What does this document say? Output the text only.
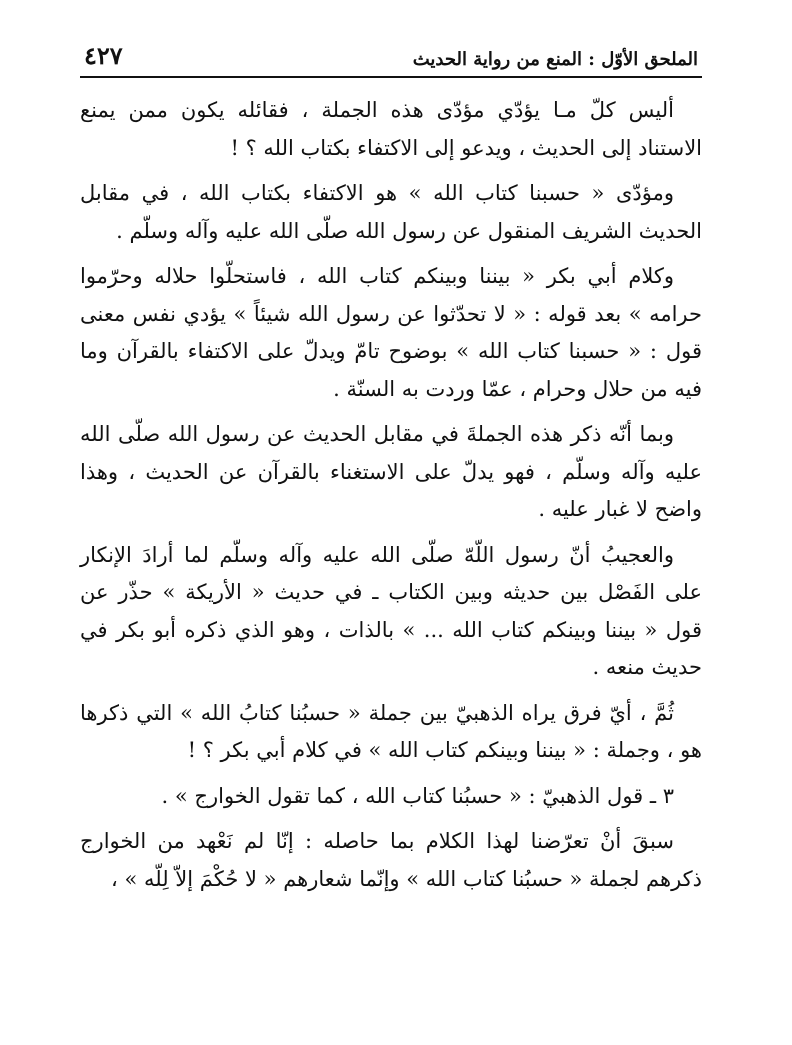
الملحق الأوّل : المنع من رواية الحديث
٤٢٧

أليس كلّ مـا يؤدّي مؤدّى هذه الجملة ، فقائله يكون ممن يمنع الاستناد إلى الحديث ، ويدعو إلى الاكتفاء بكتاب الله ؟ !

ومؤدّى « حسبنا كتاب الله » هو الاكتفاء بكتاب الله ، في مقابل الحديث الشريف المنقول عن رسول الله صلّى الله عليه وآله وسلّم .

وكلام أبي بكر « بيننا وبينكم كتاب الله ، فاستحلّوا حلاله وحرّموا حرامه » بعد قوله : « لا تحدّثوا عن رسول الله شيئاً » يؤدي نفس معنى قول : « حسبنا كتاب الله » بوضوح تامّ ويدلّ على الاكتفاء بالقرآن وما فيه من حلال وحرام ، عمّا وردت به السنّة .

وبما أنّه ذكر هذه الجملةَ في مقابل الحديث عن رسول الله صلّى الله عليه وآله وسلّم ، فهو يدلّ على الاستغناء بالقرآن عن الحديث ، وهذا واضح لا غبار عليه .

والعجيبُ أنّ رسول اللّهّ صلّى الله عليه وآله وسلّم لما أرادَ الإنكار على الفَصْل بين حديثه وبين الكتاب ـ في حديث « الأريكة » حذّر عن قول « بيننا وبينكم كتاب الله ... » بالذات ، وهو الذي ذكره أبو بكر في حديث منعه .

ثُمَّ ، أيّ فرق يراه الذهبيّ بين جملة « حسبُنا كتابُ الله » التي ذكرها هو ، وجملة : « بيننا وبينكم كتاب الله » في كلام أبي بكر ؟ !

٣ ـ قول الذهبيّ : « حسبُنا كتاب الله ، كما تقول الخوارج » .

سبقَ أنْ تعرّضنا لهذا الكلام بما حاصله : إنّا لم نَعْهد من الخوارج ذكرهم لجملة « حسبُنا كتاب الله » وإنّما شعارهم « لا حُكْمَ إلاّ لِلّه » ،
